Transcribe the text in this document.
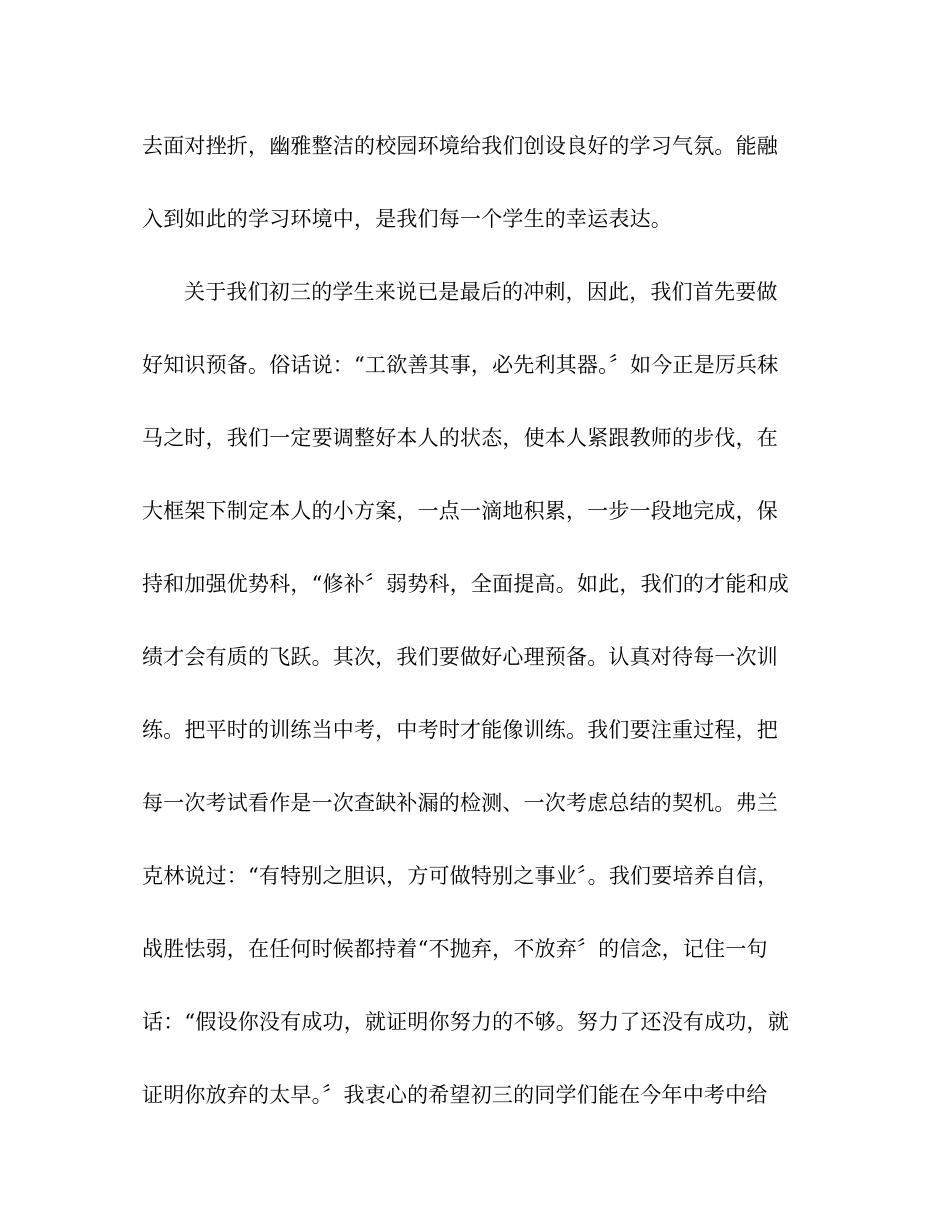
去面对挫折，幽雅整洁的校园环境给我们创设良好的学习气氛。能融
入到如此的学习环境中，是我们每一个学生的幸运表达。
关于我们初三的学生来说已是最后的冲刺，因此，我们首先要做
好知识预备。俗话说：“工欲善其事，必先利其器。〞如今正是厉兵秣
马之时，我们一定要调整好本人的状态，使本人紧跟教师的步伐，在
大框架下制定本人的小方案，一点一滴地积累，一步一段地完成，保
持和加强优势科，“修补〞弱势科，全面提高。如此，我们的才能和成
绩才会有质的飞跃。其次，我们要做好心理预备。认真对待每一次训
练。把平时的训练当中考，中考时才能像训练。我们要注重过程，把
每一次考试看作是一次查缺补漏的检测、一次考虑总结的契机。弗兰
克林说过：“有特别之胆识，方可做特别之事业〞。我们要培养自信，
战胜怯弱，在任何时候都持着“不抛弃，不放弃〞的信念，记住一句
话：“假设你没有成功，就证明你努力的不够。努力了还没有成功，就
证明你放弃的太早。〞我衷心的希望初三的同学们能在今年中考中给
